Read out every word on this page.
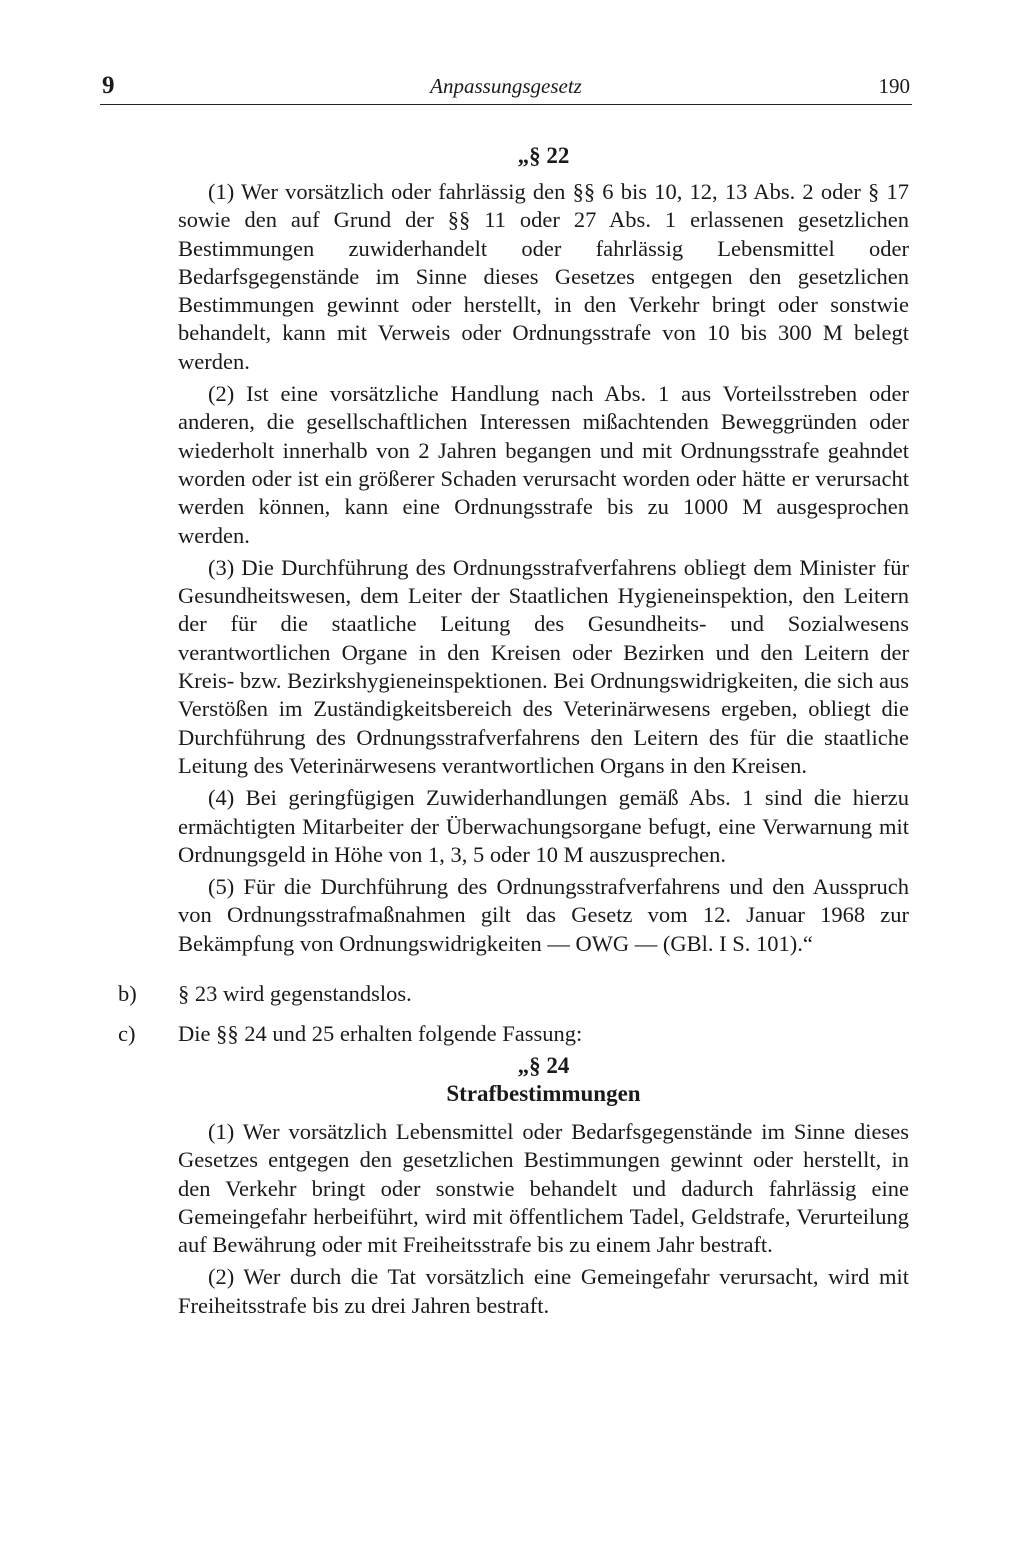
9	Anpassungsgesetz	190
„§ 22

(1) Wer vorsätzlich oder fahrlässig den §§ 6 bis 10, 12, 13 Abs. 2 oder § 17 sowie den auf Grund der §§ 11 oder 27 Abs. 1 erlassenen gesetzlichen Bestimmungen zuwiderhandelt oder fahrlässig Lebensmittel oder Bedarfsgegenstände im Sinne dieses Gesetzes entgegen den gesetzlichen Bestimmungen gewinnt oder herstellt, in den Verkehr bringt oder sonstwie behandelt, kann mit Verweis oder Ordnungsstrafe von 10 bis 300 M belegt werden.

(2) Ist eine vorsätzliche Handlung nach Abs. 1 aus Vorteilsstreben oder anderen, die gesellschaftlichen Interessen mißachtenden Beweggründen oder wiederholt innerhalb von 2 Jahren begangen und mit Ordnungsstrafe geahndet worden oder ist ein größerer Schaden verursacht worden oder hätte er verursacht werden können, kann eine Ordnungsstrafe bis zu 1000 M ausgesprochen werden.

(3) Die Durchführung des Ordnungsstrafverfahrens obliegt dem Minister für Gesundheitswesen, dem Leiter der Staatlichen Hygieneinspektion, den Leitern der für die staatliche Leitung des Gesundheits- und Sozialwesens verantwortlichen Organe in den Kreisen oder Bezirken und den Leitern der Kreis- bzw. Bezirkshygieneinspektionen. Bei Ordnungswidrigkeiten, die sich aus Verstößen im Zuständigkeitsbereich des Veterinärwesens ergeben, obliegt die Durchführung des Ordnungsstrafverfahrens den Leitern des für die staatliche Leitung des Veterinärwesens verantwortlichen Organs in den Kreisen.

(4) Bei geringfügigen Zuwiderhandlungen gemäß Abs. 1 sind die hierzu ermächtigten Mitarbeiter der Überwachungsorgane befugt, eine Verwarnung mit Ordnungsgeld in Höhe von 1, 3, 5 oder 10 M auszusprechen.

(5) Für die Durchführung des Ordnungsstrafverfahrens und den Ausspruch von Ordnungsstrafmaßnahmen gilt das Gesetz vom 12. Januar 1968 zur Bekämpfung von Ordnungswidrigkeiten — OWG — (GBl. I S. 101).“

b) § 23 wird gegenstandslos.
c) Die §§ 24 und 25 erhalten folgende Fassung:
„§ 24
Strafbestimmungen

(1) Wer vorsätzlich Lebensmittel oder Bedarfsgegenstände im Sinne dieses Gesetzes entgegen den gesetzlichen Bestimmungen gewinnt oder herstellt, in den Verkehr bringt oder sonstwie behandelt und dadurch fahrlässig eine Gemeingefahr herbeiführt, wird mit öffentlichem Tadel, Geldstrafe, Verurteilung auf Bewährung oder mit Freiheitsstrafe bis zu einem Jahr bestraft.

(2) Wer durch die Tat vorsätzlich eine Gemeingefahr verursacht, wird mit Freiheitsstrafe bis zu drei Jahren bestraft.
